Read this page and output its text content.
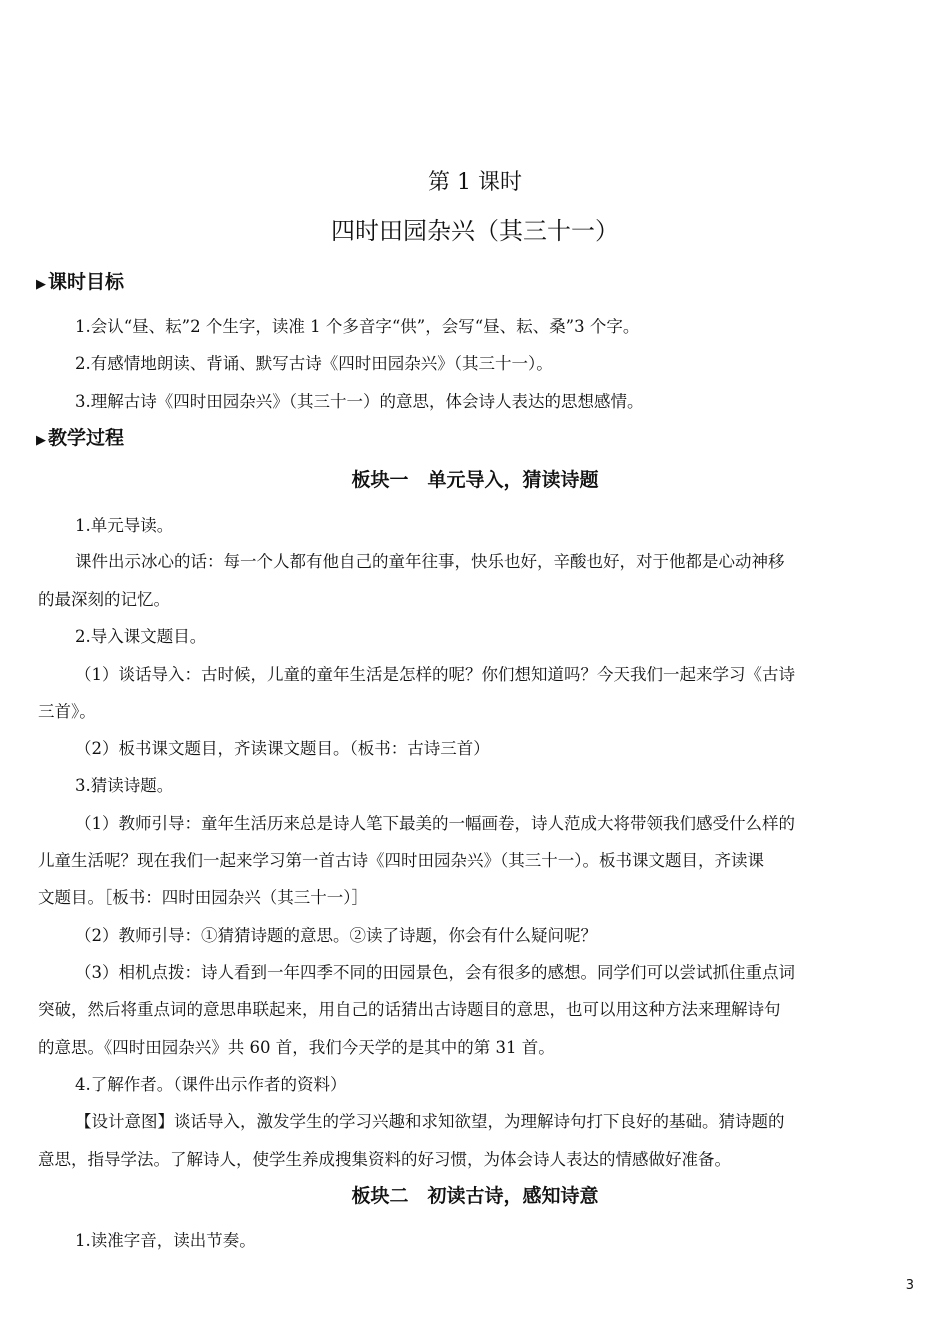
第 1 课时
四时田园杂兴（其三十一）
▶ 课时目标
1.会认“昼、耘”2 个生字，读准 1 个多音字“供”，会写“昼、耘、桑”3 个字。
2.有感情地朗读、背诵、默写古诗《四时田园杂兴》（其三十一）。
3.理解古诗《四时田园杂兴》（其三十一）的意思，体会诗人表达的思想感情。
▶ 教学过程
板块一　单元导入，猜读诗题
1.单元导读。
课件出示冰心的话：每一个人都有他自己的童年往事，快乐也好，辛酸也好，对于他都是心动神移
的最深刻的记忆。
2.导入课文题目。
（1）谈话导入：古时候，儿童的童年生活是怎样的呢？你们想知道吗？今天我们一起来学习《古诗
三首》。
（2）板书课文题目，齐读课文题目。（板书：古诗三首）
3.猜读诗题。
（1）教师引导：童年生活历来总是诗人笔下最美的一幅画卷，诗人范成大将带领我们感受什么样的
儿童生活呢？现在我们一起来学习第一首古诗《四时田园杂兴》（其三十一）。板书课文题目，齐读课
文题目。［板书：四时田园杂兴（其三十一）］
（2）教师引导：①猜猜诗题的意思。②读了诗题，你会有什么疑问呢？
（3）相机点拨：诗人看到一年四季不同的田园景色，会有很多的感想。同学们可以尝试抓住重点词
突破，然后将重点词的意思串联起来，用自己的话猜出古诗题目的意思，也可以用这种方法来理解诗句
的意思。《四时田园杂兴》共 60 首，我们今天学的是其中的第 31 首。
4.了解作者。（课件出示作者的资料）
【设计意图】谈话导入，激发学生的学习兴趣和求知欲望，为理解诗句打下良好的基础。猜诗题的
意思，指导学法。了解诗人，使学生养成搜集资料的好习惯，为体会诗人表达的情感做好准备。
板块二　初读古诗，感知诗意
1.读准字音，读出节奏。
3
